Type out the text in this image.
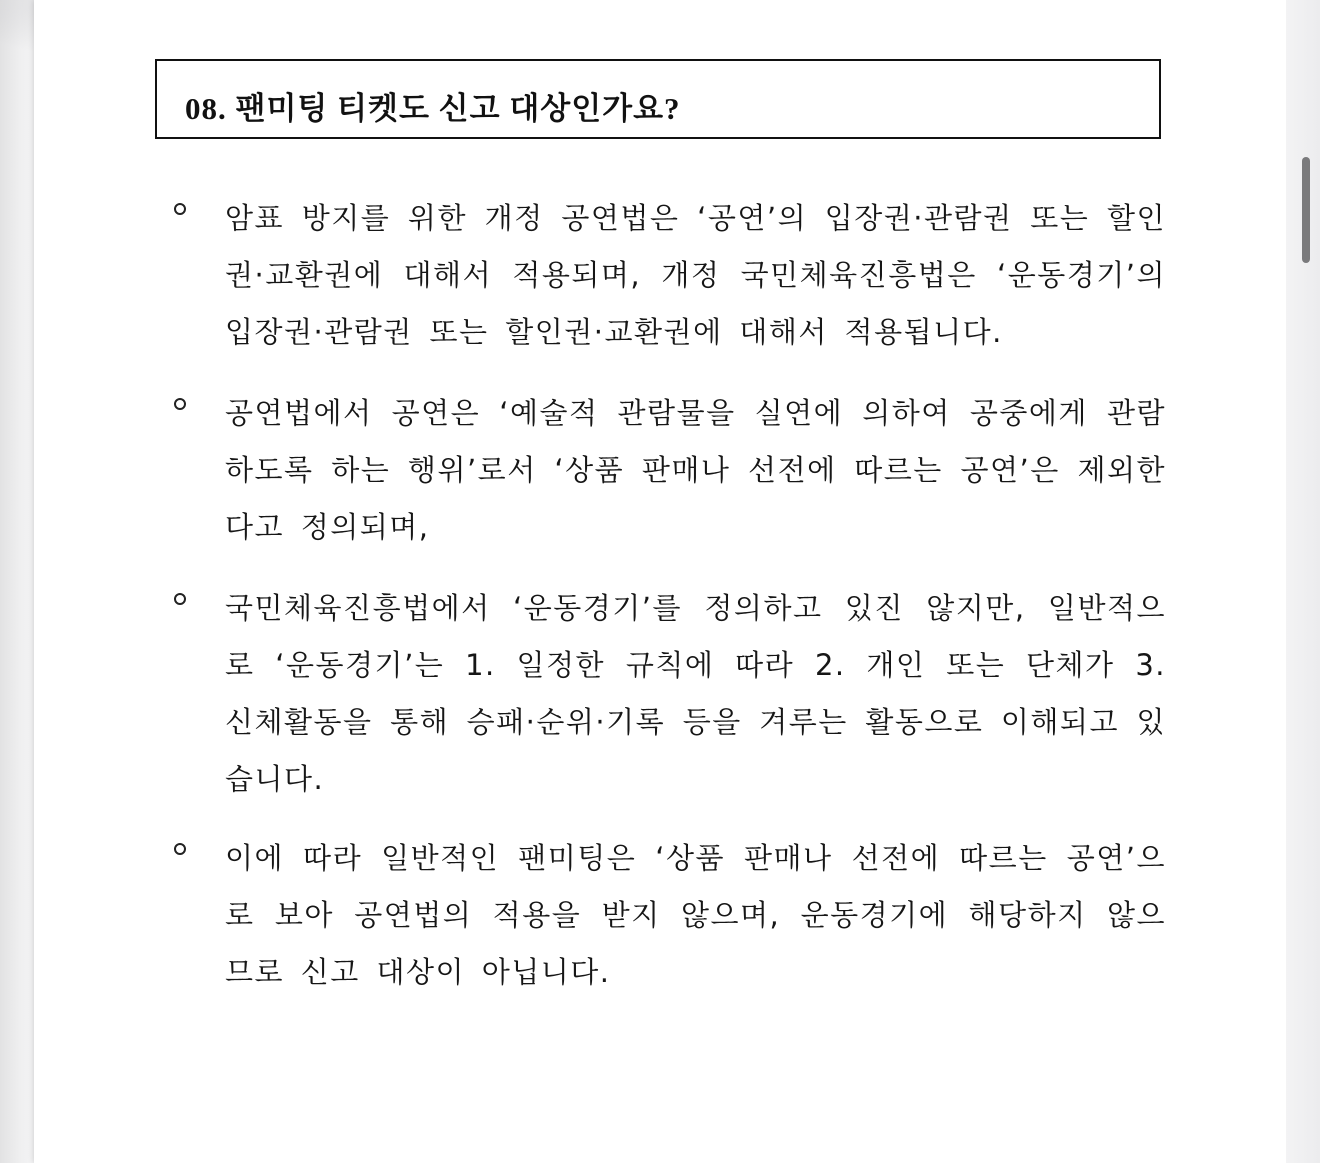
08. 팬미팅 티켓도 신고 대상인가요?

암표 방지를 위한 개정 공연법은 ‘공연’의 입장권·관람권 또는 할인권·교환권에 대해서 적용되며, 개정 국민체육진흥법은 ‘운동경기’의 입장권·관람권 또는 할인권·교환권에 대해서 적용됩니다.

공연법에서 공연은 ‘예술적 관람물을 실연에 의하여 공중에게 관람하도록 하는 행위’로서 ‘상품 판매나 선전에 따르는 공연’은 제외한다고 정의되며,

국민체육진흥법에서 ‘운동경기’를 정의하고 있진 않지만, 일반적으로 ‘운동경기’는 1. 일정한 규칙에 따라 2. 개인 또는 단체가 3. 신체활동을 통해 승패·순위·기록 등을 겨루는 활동으로 이해되고 있습니다.

이에 따라 일반적인 팬미팅은 ‘상품 판매나 선전에 따르는 공연’으로 보아 공연법의 적용을 받지 않으며, 운동경기에 해당하지 않으므로 신고 대상이 아닙니다.
